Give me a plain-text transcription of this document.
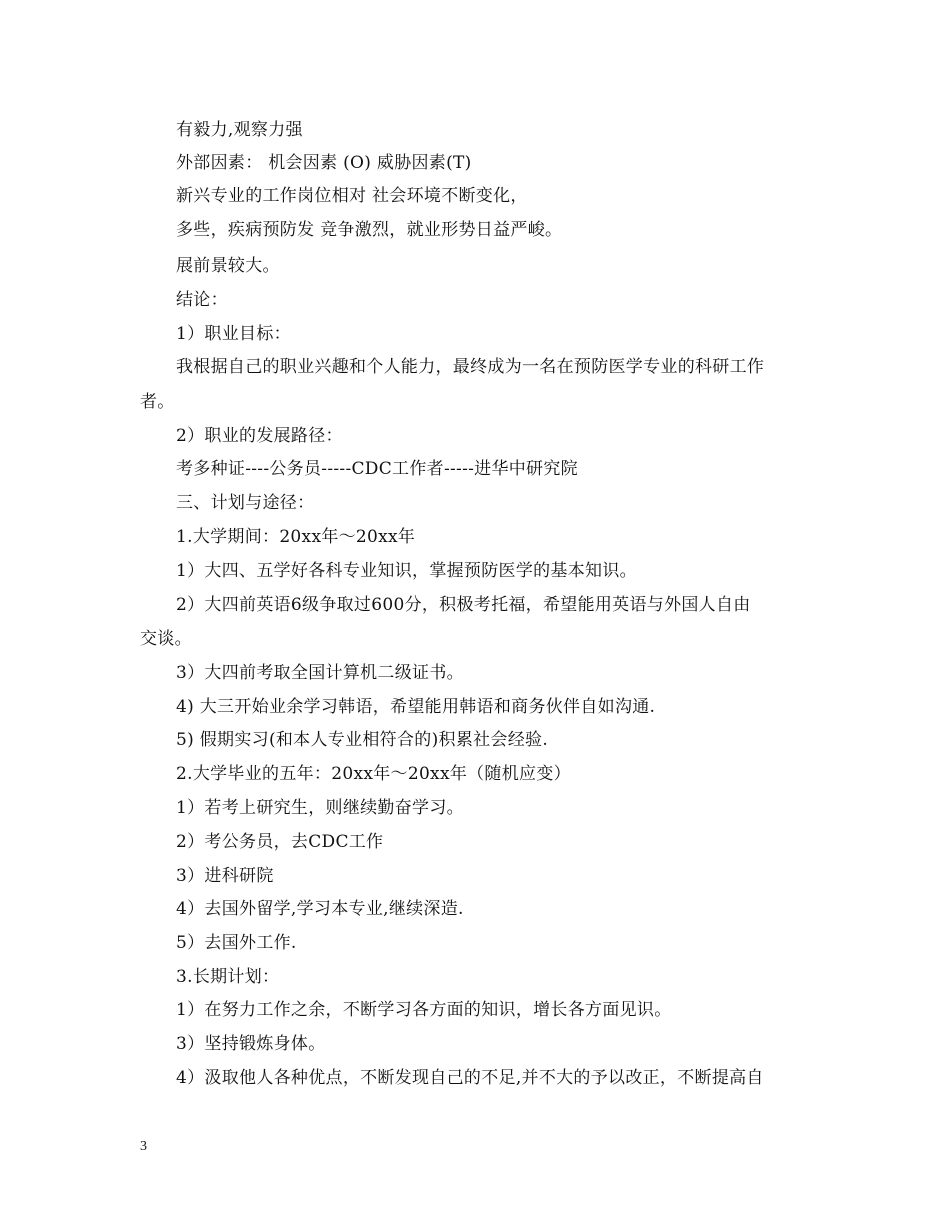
有毅力,观察力强
外部因素： 机会因素 (O) 威胁因素(T)
新兴专业的工作岗位相对 社会环境不断变化，
多些，疾病预防发 竞争激烈，就业形势日益严峻。
展前景较大。
结论：
1）职业目标：
我根据自己的职业兴趣和个人能力，最终成为一名在预防医学专业的科研工作
者。
2）职业的发展路径：
考多种证----公务员-----CDC工作者-----进华中研究院
三、计划与途径：
1.大学期间：20xx年～20xx年
1）大四、五学好各科专业知识，掌握预防医学的基本知识。
2）大四前英语6级争取过600分，积极考托福，希望能用英语与外国人自由
交谈。
3）大四前考取全国计算机二级证书。
4) 大三开始业余学习韩语，希望能用韩语和商务伙伴自如沟通.
5) 假期实习(和本人专业相符合的)积累社会经验.
2.大学毕业的五年：20xx年～20xx年（随机应变）
1）若考上研究生，则继续勤奋学习。
2）考公务员，去CDC工作
3）进科研院
4）去国外留学,学习本专业,继续深造.
5）去国外工作.
3.长期计划：
1）在努力工作之余，不断学习各方面的知识，增长各方面见识。
3）坚持锻炼身体。
4）汲取他人各种优点，不断发现自己的不足,并不大的予以改正，不断提高自
3
